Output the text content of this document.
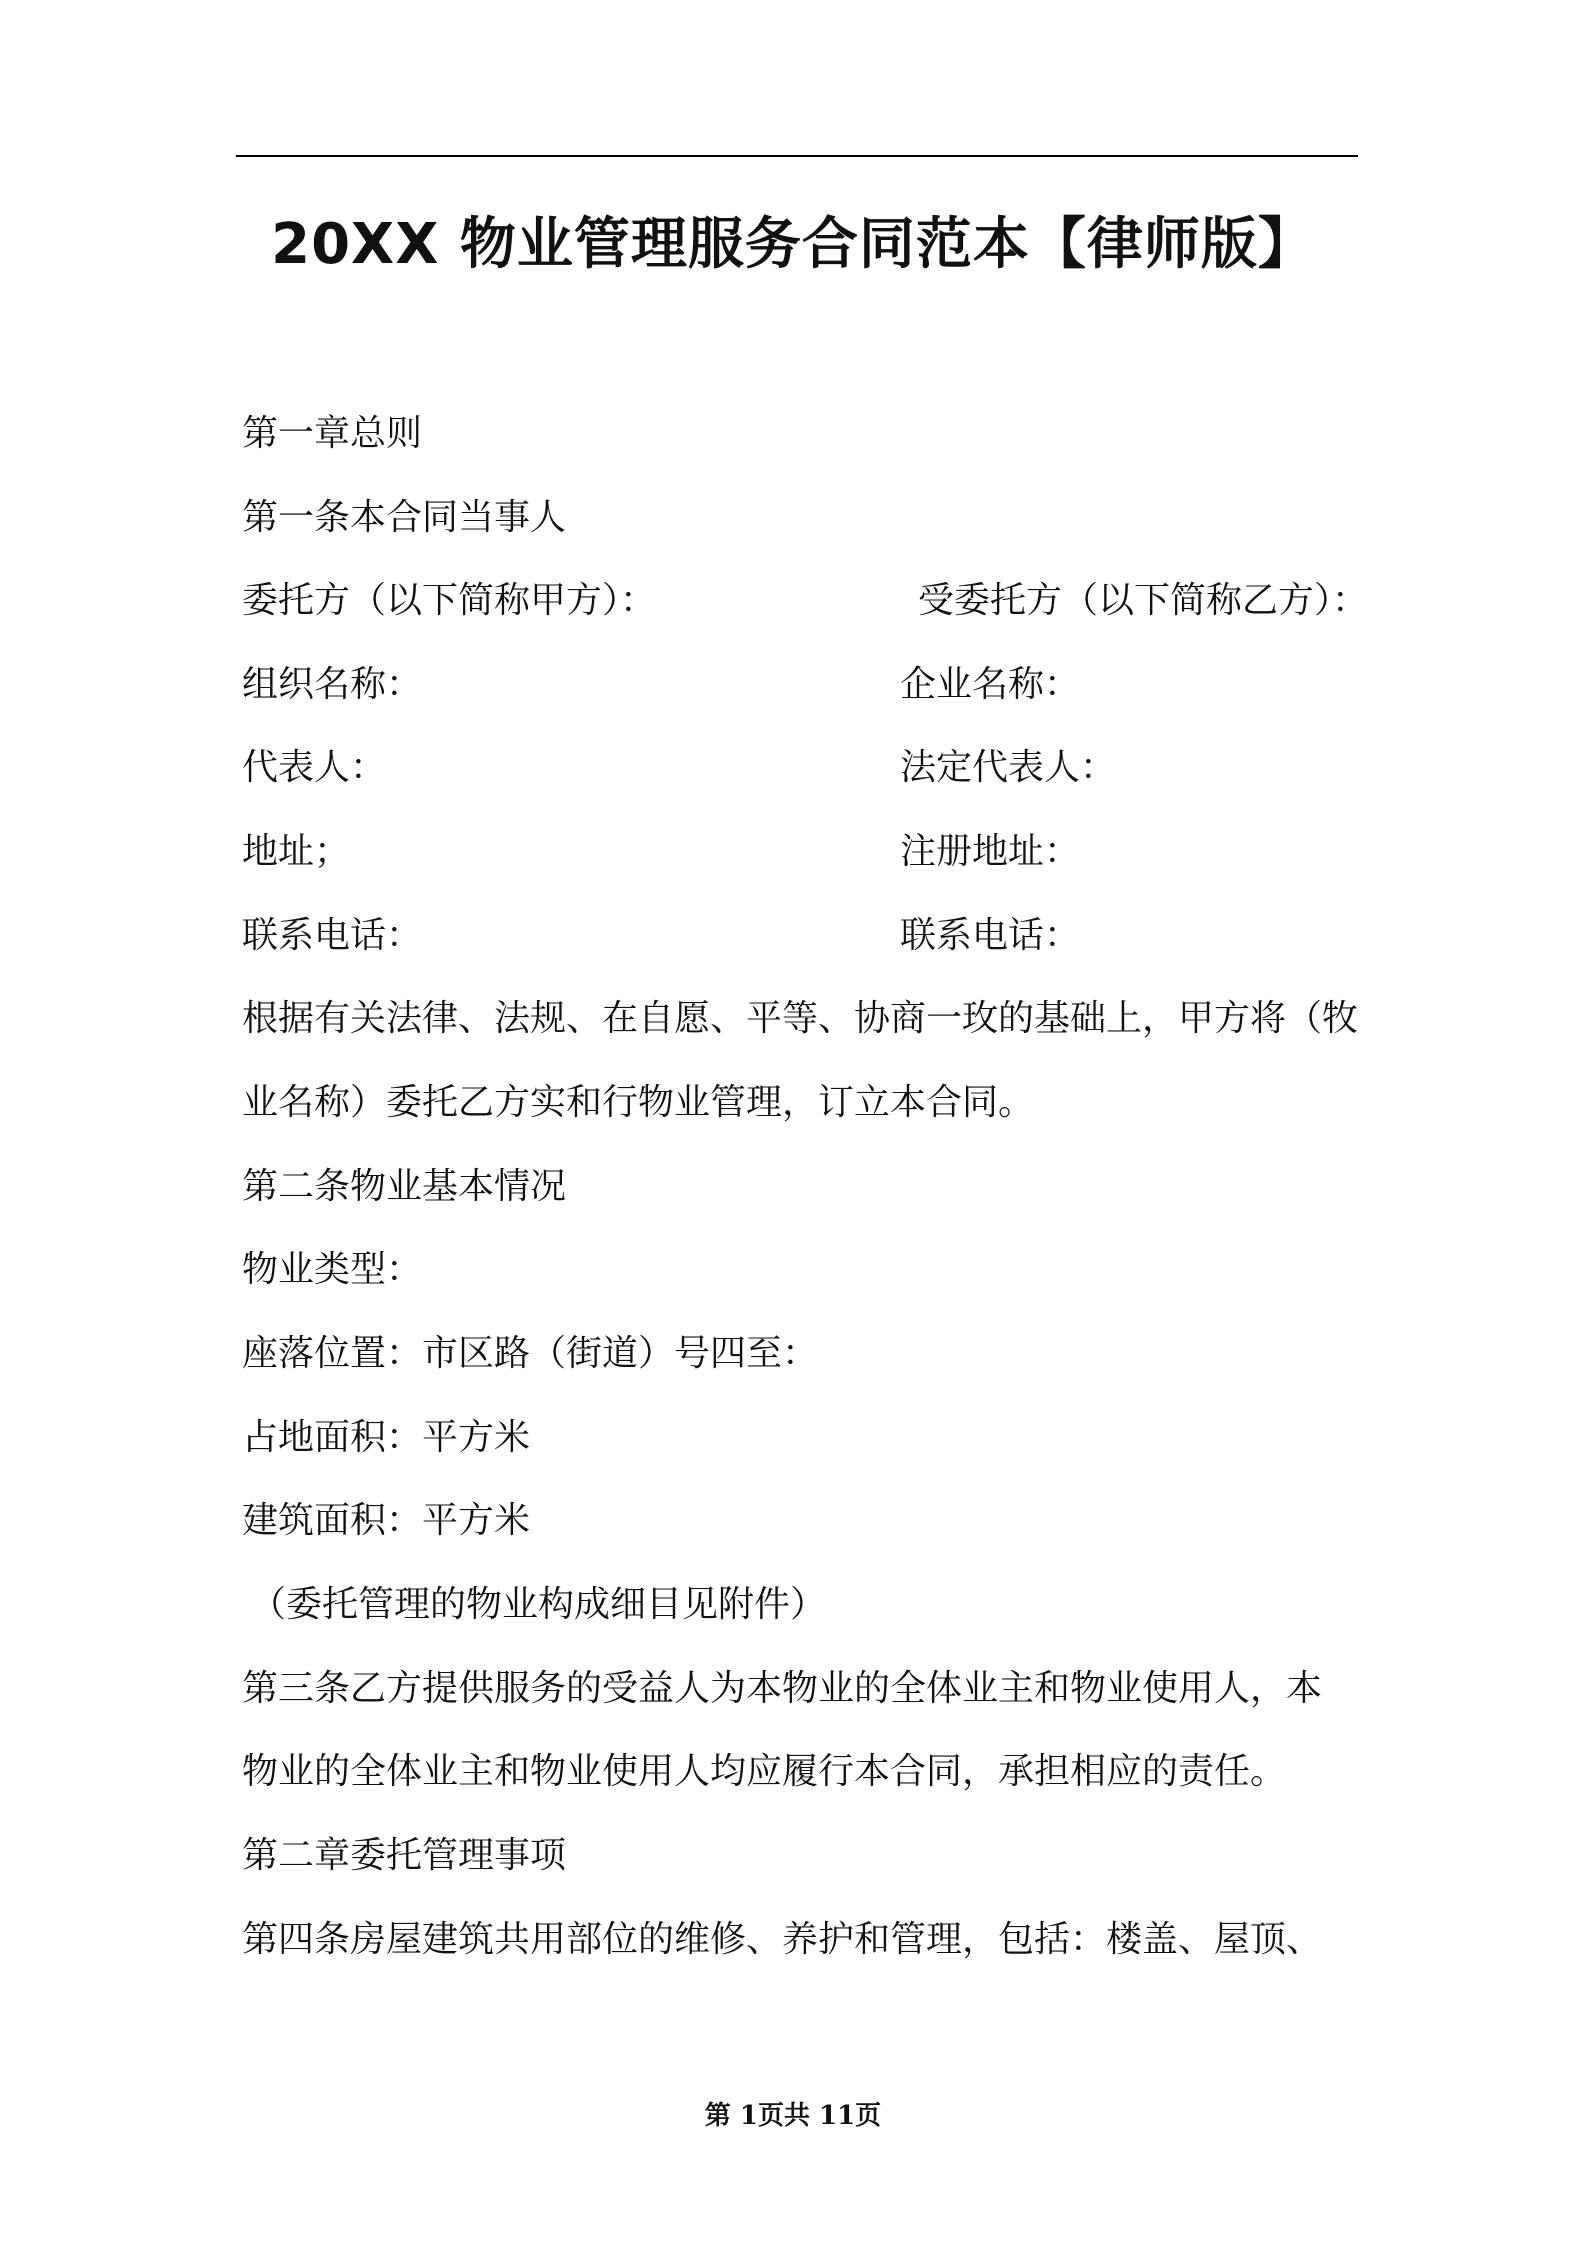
20XX 物业管理服务合同范本【律师版】
第一章总则
第一条本合同当事人
委托方（以下简称甲方）：	受委托方（以下简称乙方）：
组织名称：	企业名称：
代表人：	法定代表人：
地址；	注册地址：
联系电话：	联系电话：
根据有关法律、法规、在自愿、平等、协商一玫的基础上，甲方将（牧
业名称）委托乙方实和行物业管理，订立本合同。
第二条物业基本情况
物业类型：
座落位置：市区路（街道）号四至：
占地面积：平方米
建筑面积：平方米
（委托管理的物业构成细目见附件）
第三条乙方提供服务的受益人为本物业的全体业主和物业使用人，本
物业的全体业主和物业使用人均应履行本合同，承担相应的责任。
第二章委托管理事项
第四条房屋建筑共用部位的维修、养护和管理，包括：楼盖、屋顶、
第 1页共 11页
